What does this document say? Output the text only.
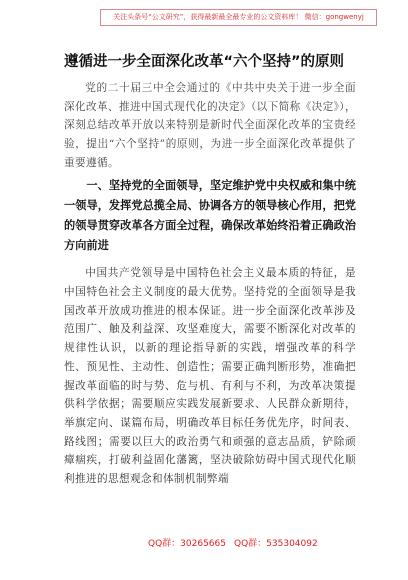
关注头条号“公文研究”，获得最新最全最专业的公文资料库！ 微信：gongwenyj
遵循进一步全面深化改革“六个坚持”的原则

党的二十届三中全会通过的《中共中央关于进一步全面深化改革、推进中国式现代化的决定》（以下简称《决定》），深刻总结改革开放以来特别是新时代全面深化改革的宝贵经验，提出“六个坚持”的原则，为进一步全面深化改革提供了重要遵循。

一、坚持党的全面领导，坚定维护党中央权威和集中统一领导，发挥党总揽全局、协调各方的领导核心作用，把党的领导贯穿改革各方面全过程，确保改革始终沿着正确政治方向前进

中国共产党领导是中国特色社会主义最本质的特征，是中国特色社会主义制度的最大优势。坚持党的全面领导是我国改革开放成功推进的根本保证。进一步全面深化改革涉及范围广、触及利益深、攻坚难度大，需要不断深化对改革的规律性认识，以新的理论指导新的实践，增强改革的科学性、预见性、主动性、创造性；需要正确判断形势，准确把握改革面临的时与势、危与机、有利与不利，为改革决策提供科学依据；需要顺应实践发展新要求、人民群众新期待，举旗定向、谋篇布局，明确改革目标任务优先序，时间表、路线图；需要以巨大的政治勇气和顽强的意志品质，铲除顽瘴痼疾，打破利益固化藩篱，坚决破除妨碍中国式现代化顺利推进的思想观念和体制机制弊端

QQ群：30265665 QQ群：535304092
